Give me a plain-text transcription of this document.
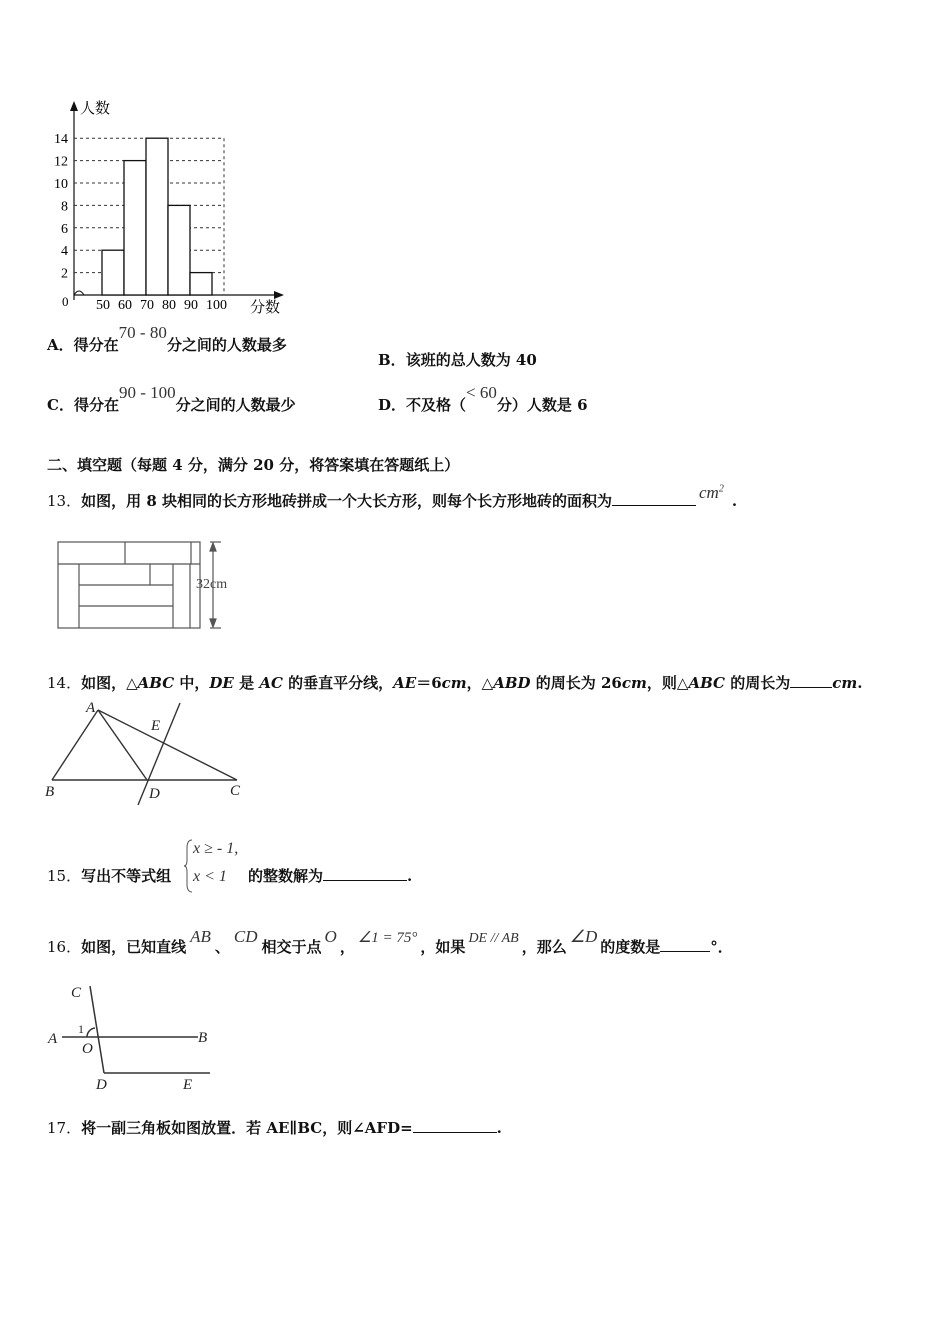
人数
分数
0
2
4
6
8
10
12
14
50 60 70 80 90 100
A．得分在70 - 80分之间的人数最多
B．该班的总人数为 40
C．得分在90 - 100分之间的人数最少	D．不及格（< 60分）人数是 6
二、填空题（每题 4 分，满分 20 分，将答案填在答题纸上）
13．如图，用 8 块相同的长方形地砖拼成一个大长方形，则每个长方形地砖的面积为	$cm^2$.
32cm
14．如图，△ABC 中，DE 是 AC 的垂直平分线，AE＝6cm，△ABD 的周长为 26cm，则△ABC 的周长为	cm.
A
E
B	D	C
15．写出不等式组
x ≥ - 1,
x < 1 的整数解为	.
16．如图，已知直线AB、CD相交于点O， ∠1 = 75° ，如果 DE // AB ，那么∠D的度数是	°．
C
A	B
O
D	E
1
17．将一副三角板如图放置．若 AE∥BC，则∠AFD=	.
